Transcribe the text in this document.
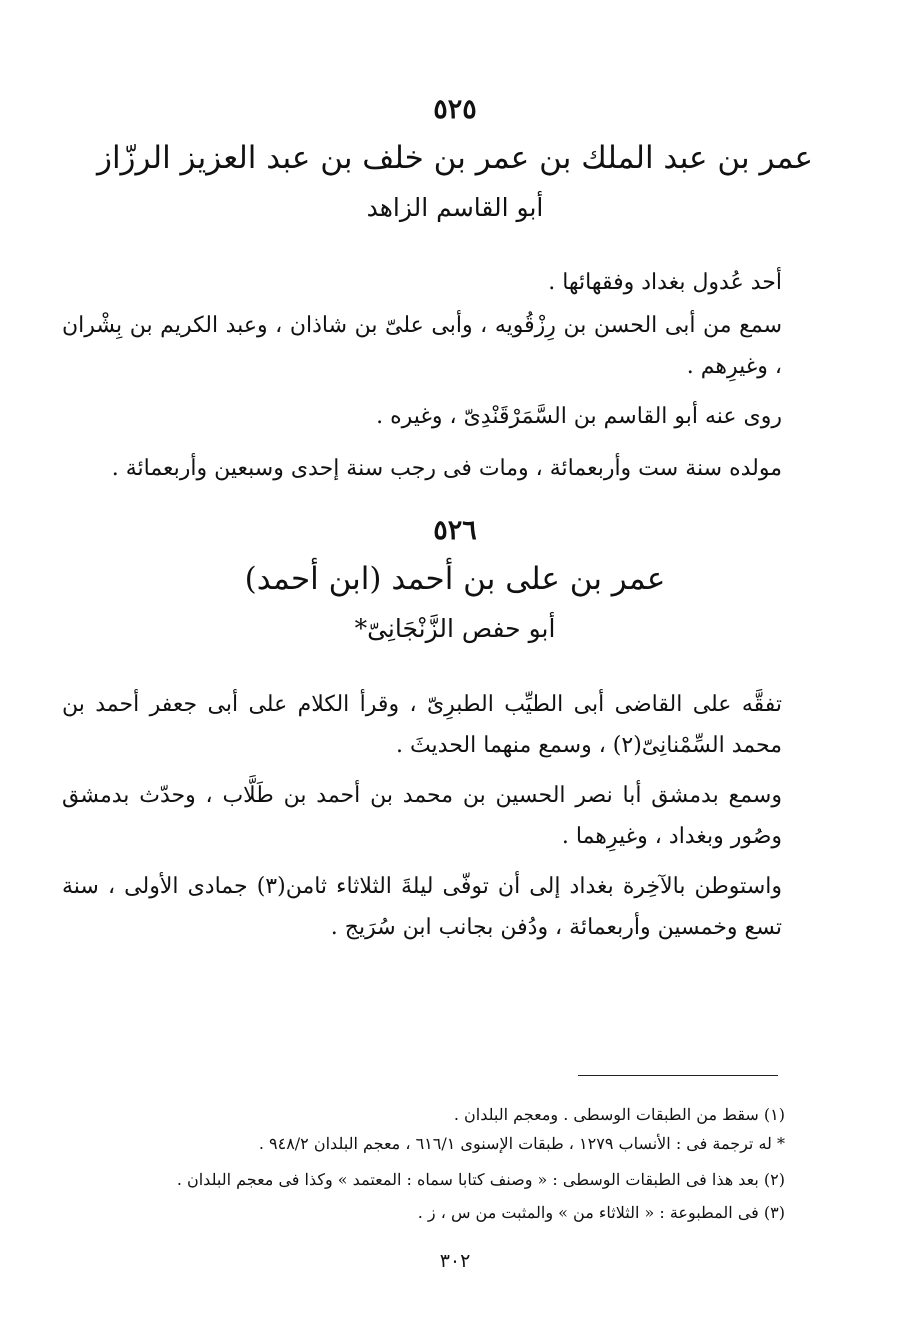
٥٢٥
عمر بن عبد الملك بن عمر بن خلف بن عبد العزيز الرزّاز
أبو القاسم الزاهد
أحد عُدول بغداد وفقهائها .
سمع من أبى الحسن بن رِزْقُويه ، وأبى علىّ بن شاذان ، وعبد الكريم بن بِشْران ، وغيرِهم .
روى عنه أبو القاسم بن السَّمَرْقَنْدِىّ ، وغيره .
مولده سنة ست وأربعمائة ، ومات فى رجب سنة إحدى وسبعين وأربعمائة .
٥٢٦
عمر بن على بن أحمد (ابن أحمد)
أبو حفص الزَّنْجَانِىّ*
تفقَّه على القاضى أبى الطيِّب الطبرِىّ ، وقرأ الكلام على أبى جعفر أحمد بن محمد السِّمْنانِىّ(٢) ، وسمع منهما الحديثَ .
وسمع بدمشق أبا نصر الحسين بن محمد بن أحمد بن طَلَّاب ، وحدّث بدمشق وصُور وبغداد ، وغيرِهما .
واستوطن بالآخِرة بغداد إلى أن توفّى ليلةَ الثلاثاء ثامن(٣) جمادى الأولى ، سنة تسع وخمسين وأربعمائة ، ودُفن بجانب ابن سُرَيج .
(١) سقط من الطبقات الوسطى . ومعجم البلدان .
* له ترجمة فى : الأنساب ١٢٧٩ ، طبقات الإسنوى ٦١٦/١ ، معجم البلدان ٩٤٨/٢ .
(٢) بعد هذا فى الطبقات الوسطى : « وصنف كتابا سماه : المعتمد » وكذا فى معجم البلدان .
(٣) فى المطبوعة : « الثلاثاء من » والمثبت من س ، ز .
٣٠٢
